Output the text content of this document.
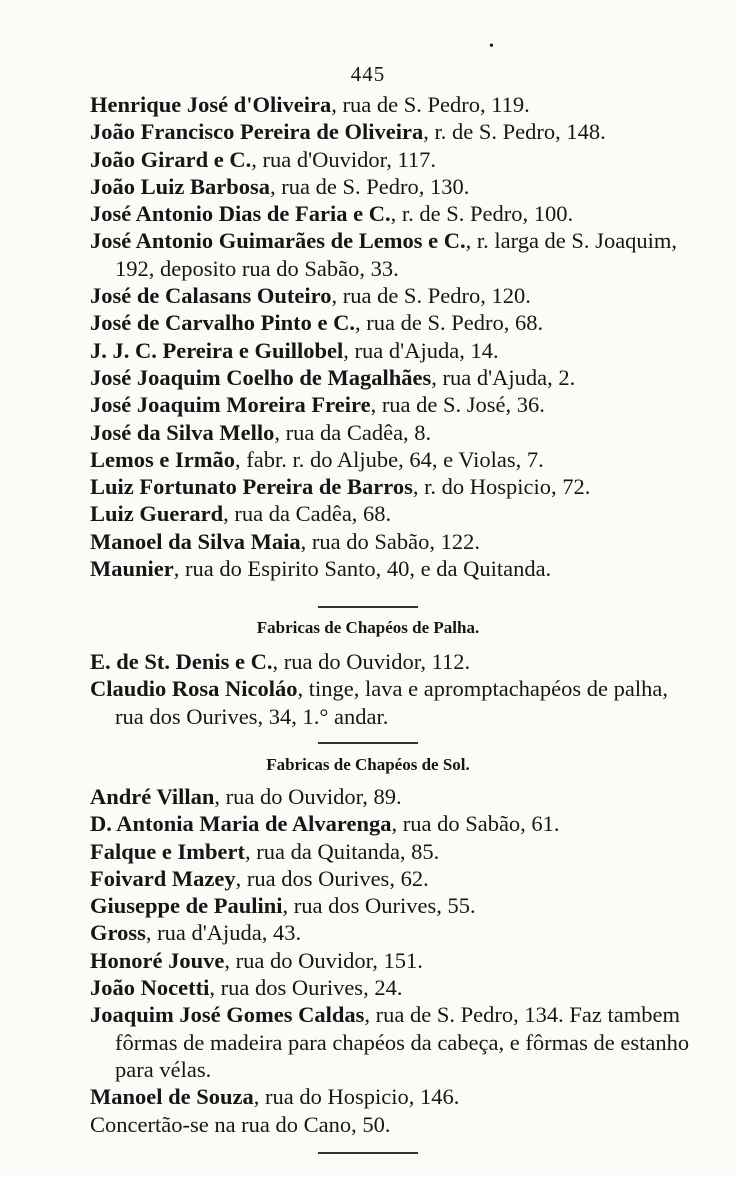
•
445
Henrique José d'Oliveira, rua de S. Pedro, 119.
João Francisco Pereira de Oliveira, r. de S. Pedro, 148.
João Girard e C., rua d'Ouvidor, 117.
João Luiz Barbosa, rua de S. Pedro, 130.
José Antonio Dias de Faria e C., r. de S. Pedro, 100.
José Antonio Guimarães de Lemos e C., r. larga de S. Joaquim, 192, deposito rua do Sabão, 33.
José de Calasans Outeiro, rua de S. Pedro, 120.
José de Carvalho Pinto e C., rua de S. Pedro, 68.
J. J. C. Pereira e Guillobel, rua d'Ajuda, 14.
José Joaquim Coelho de Magalhães, rua d'Ajuda, 2.
José Joaquim Moreira Freire, rua de S. José, 36.
José da Silva Mello, rua da Cadêa, 8.
Lemos e Irmão, fabr. r. do Aljube, 64, e Violas, 7.
Luiz Fortunato Pereira de Barros, r. do Hospicio, 72.
Luiz Guerard, rua da Cadêa, 68.
Manoel da Silva Maia, rua do Sabão, 122.
Maunier, rua do Espirito Santo, 40, e da Quitanda.
Fabricas de Chapéos de Palha.
E. de St. Denis e C., rua do Ouvidor, 112.
Claudio Rosa Nicoláo, tinge, lava e apromptachapéos de palha, rua dos Ourives, 34, 1.° andar.
Fabricas de Chapéos de Sol.
André Villan, rua do Ouvidor, 89.
D. Antonia Maria de Alvarenga, rua do Sabão, 61.
Falque e Imbert, rua da Quitanda, 85.
Foivard Mazey, rua dos Ourives, 62.
Giuseppe de Paulini, rua dos Ourives, 55.
Gross, rua d'Ajuda, 43.
Honoré Jouve, rua do Ouvidor, 151.
João Nocetti, rua dos Ourives, 24.
Joaquim José Gomes Caldas, rua de S. Pedro, 134. Faz tambem fôrmas de madeira para chapéos da cabeça, e fôrmas de estanho para vélas.
Manoel de Souza, rua do Hospicio, 146.
Concertão-se na rua do Cano, 50.
